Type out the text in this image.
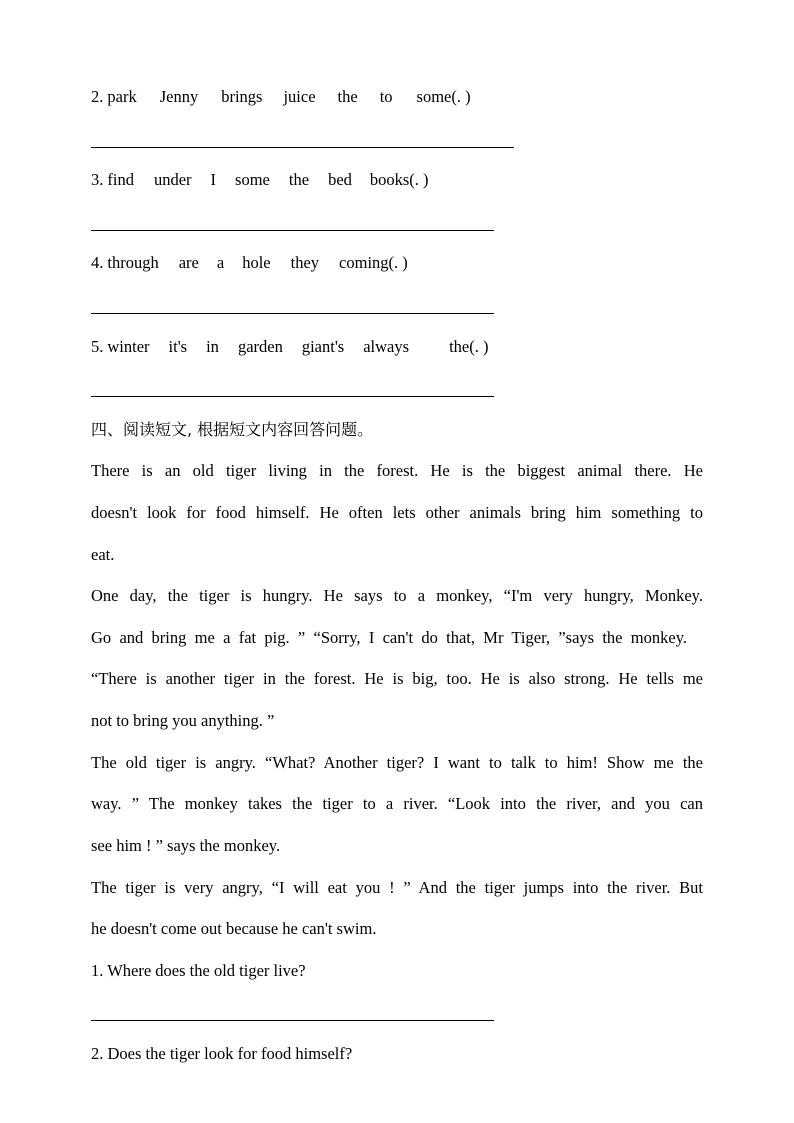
2. park Jenny brings juice the to some(. )
3. find under I some the bed books(. )
4. through are a hole they coming(. )
5. winter it's in garden giant's always the(. )
四、阅读短文, 根据短文内容回答问题。
There is an old tiger living in the forest. He is the biggest animal there. He
doesn't look for food himself. He often lets other animals bring him something to
eat.
One day, the tiger is hungry. He says to a monkey, “I'm very hungry, Monkey.
Go and bring me a fat pig. ” “Sorry, I can't do that, Mr Tiger, ”says the monkey.
“There is another tiger in the forest. He is big, too. He is also strong. He tells me
not to bring you anything. ”
The old tiger is angry. “What? Another tiger? I want to talk to him! Show me the
way. ” The monkey takes the tiger to a river. “Look into the river, and you can
see him ! ” says the monkey.
The tiger is very angry, “I will eat you ! ” And the tiger jumps into the river. But
he doesn't come out because he can't swim.
1. Where does the old tiger live?
2. Does the tiger look for food himself?
